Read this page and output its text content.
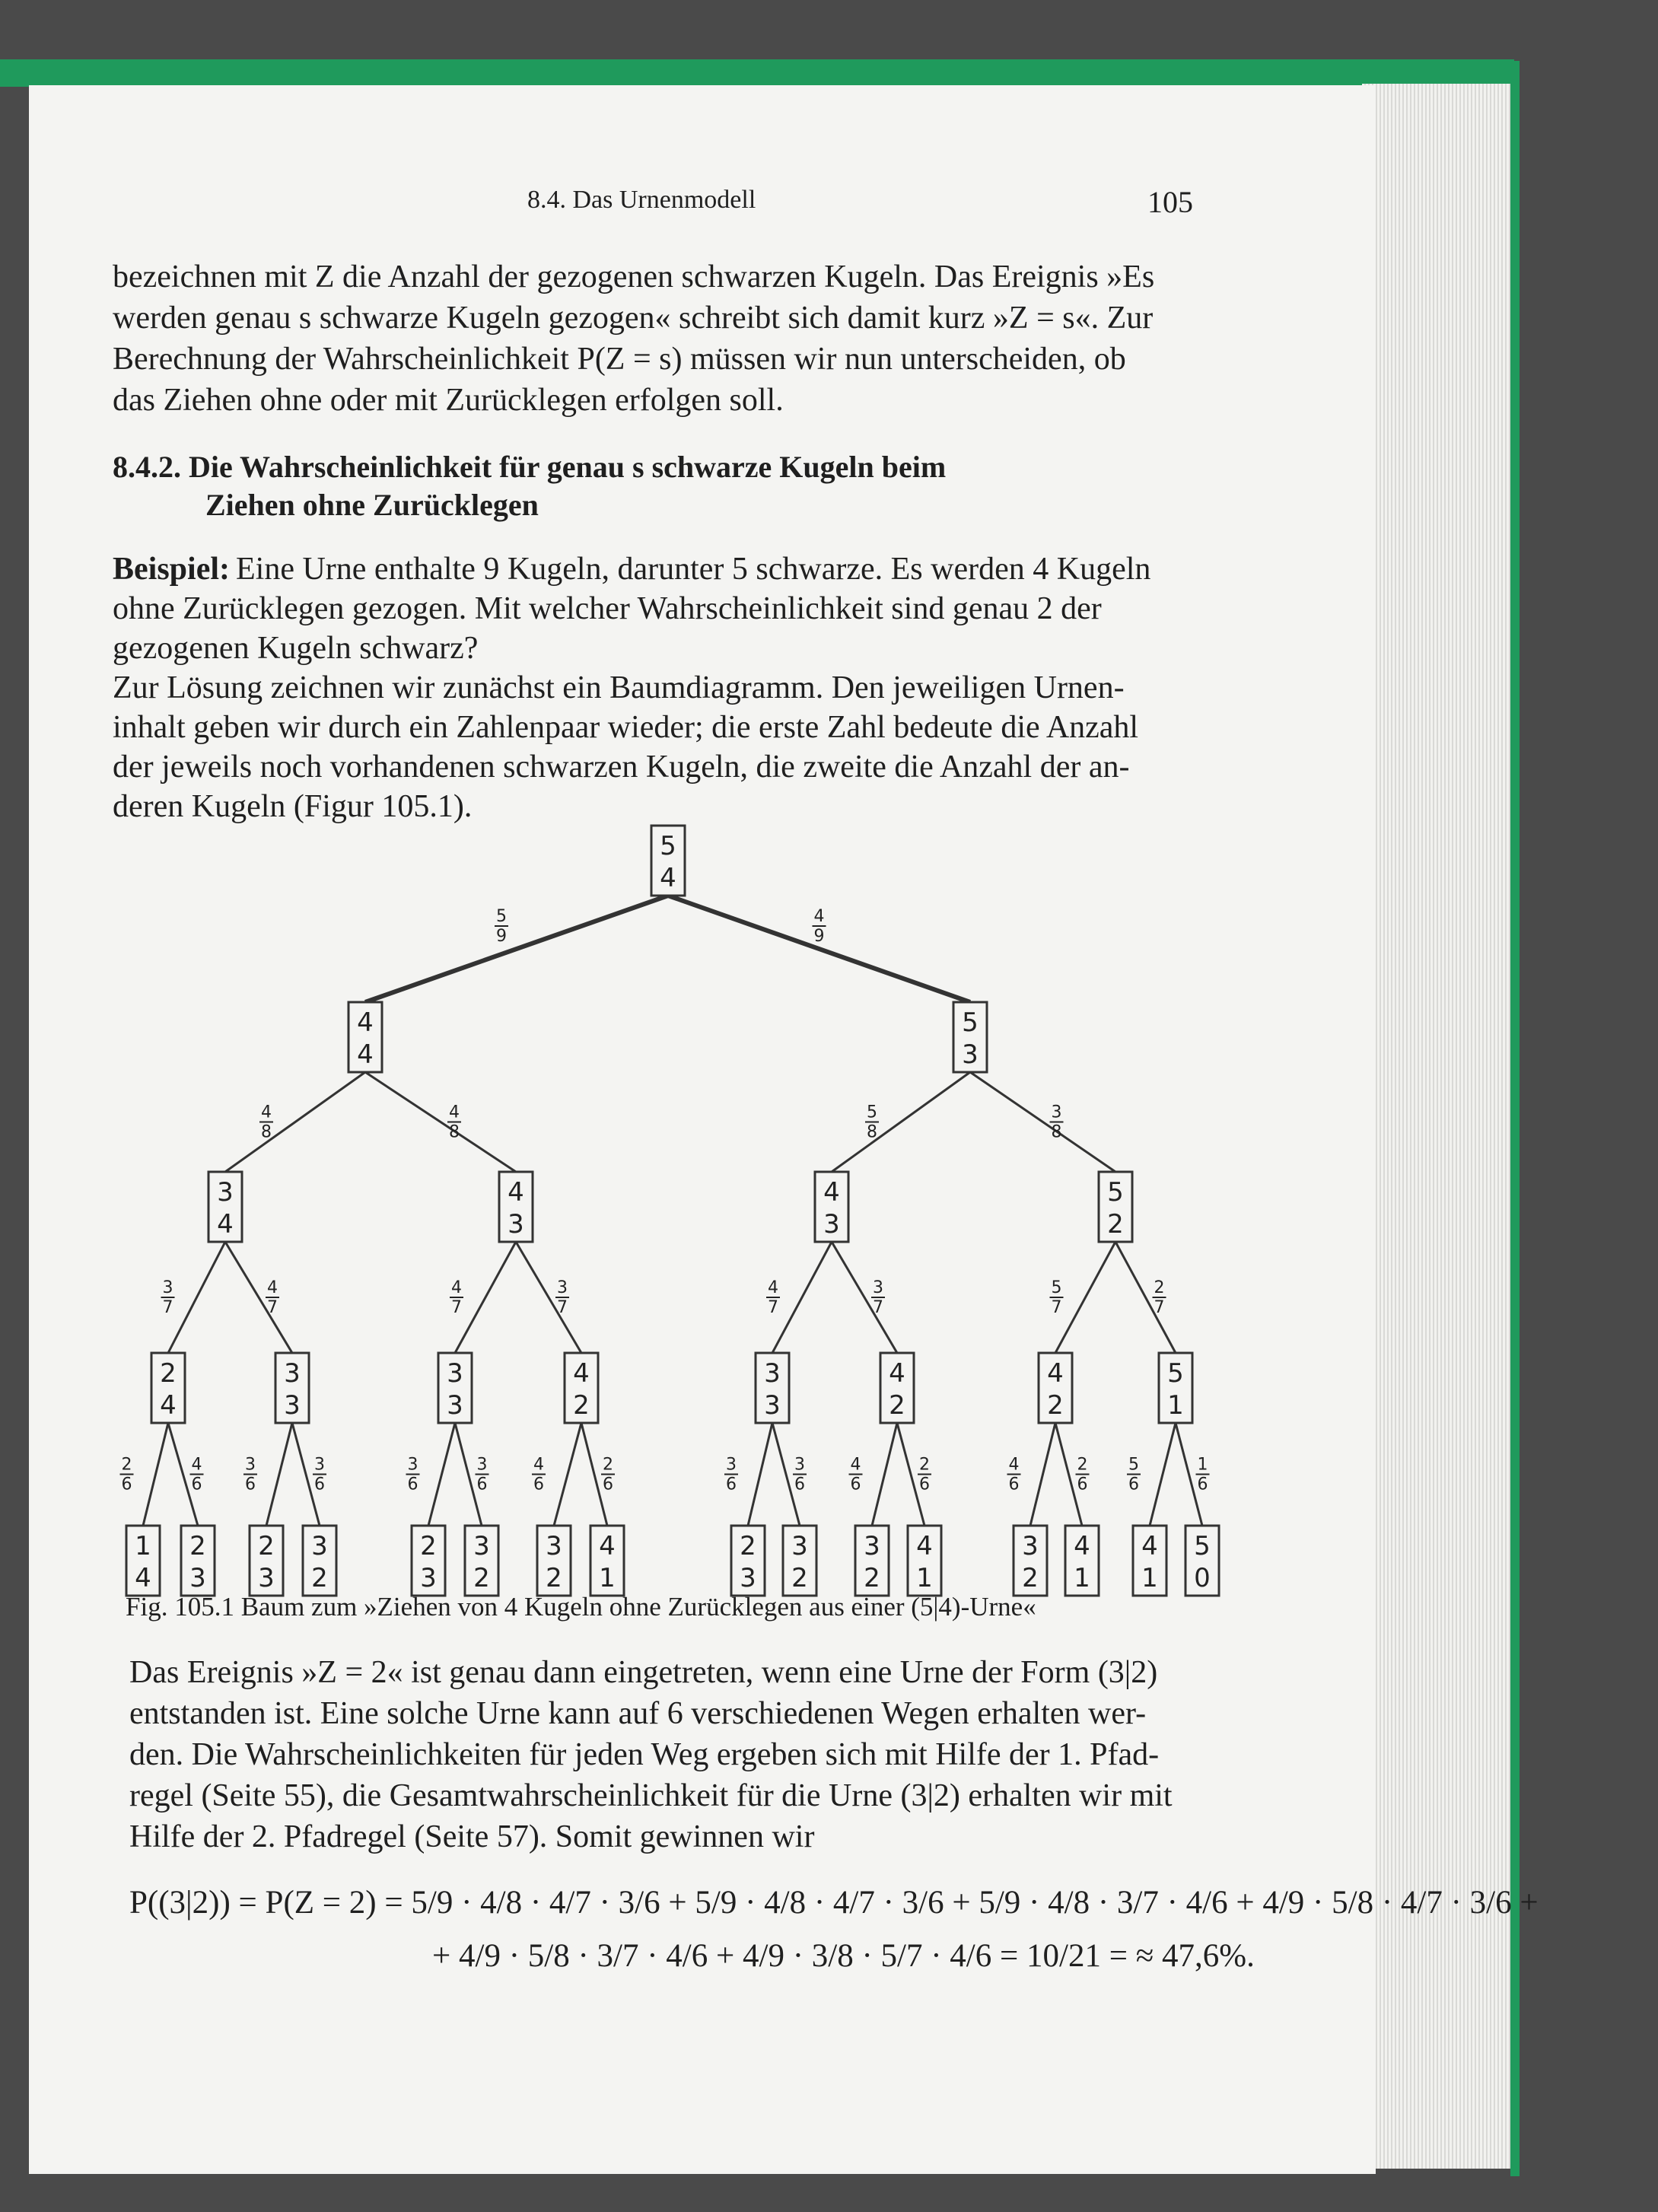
8.4. Das Urnenmodell	105
bezeichnen mit Z die Anzahl der gezogenen schwarzen Kugeln. Das Ereignis »Es
werden genau s schwarze Kugeln gezogen« schreibt sich damit kurz »Z = s«. Zur
Berechnung der Wahrscheinlichkeit P(Z = s) müssen wir nun unterscheiden, ob
das Ziehen ohne oder mit Zurücklegen erfolgen soll.
8.4.2. Die Wahrscheinlichkeit für genau s schwarze Kugeln beim
Ziehen ohne Zurücklegen
Beispiel: Eine Urne enthalte 9 Kugeln, darunter 5 schwarze. Es werden 4 Kugeln
ohne Zurücklegen gezogen. Mit welcher Wahrscheinlichkeit sind genau 2 der
gezogenen Kugeln schwarz?
Zur Lösung zeichnen wir zunächst ein Baumdiagramm. Den jeweiligen Urnen-
inhalt geben wir durch ein Zahlenpaar wieder; die erste Zahl bedeute die Anzahl
der jeweils noch vorhandenen schwarzen Kugeln, die zweite die Anzahl der an-
deren Kugeln (Figur 105.1).
5
9
4
9
4
8
4
8
5
8
3
8
3
7
4
7
4
7
3
7
4
7
3
7
5
7
2
7
2
6
4
6
3
6
3
6
3
6
3
6
4
6
2
6
3
6
3
6
4
6
2
6
4
6
2
6
5
6
1
6
5
4
4
4
5
3
3
4
4
3
4
3
5
2
2
4
3
3
3
3
4
2
3
3
4
2
4
2
5
1
1
4
2
3
2
3
3
2
2
3
3
2
3
2
4
1
2
3
3
2
3
2
4
1
3
2
4
1
4
1
5
0
Fig. 105.1 Baum zum »Ziehen von 4 Kugeln ohne Zurücklegen aus einer (5|4)-Urne«
Das Ereignis »Z = 2« ist genau dann eingetreten, wenn eine Urne der Form (3|2)
entstanden ist. Eine solche Urne kann auf 6 verschiedenen Wegen erhalten wer-
den. Die Wahrscheinlichkeiten für jeden Weg ergeben sich mit Hilfe der 1. Pfad-
regel (Seite 55), die Gesamtwahrscheinlichkeit für die Urne (3|2) erhalten wir mit
Hilfe der 2. Pfadregel (Seite 57). Somit gewinnen wir
P((3|2)) = P(Z = 2) = 5/9 · 4/8 · 4/7 · 3/6 + 5/9 · 4/8 · 4/7 · 3/6 + 5/9 · 4/8 · 3/7 · 4/6 + 4/9 · 5/8 · 4/7 · 3/6 +
+ 4/9 · 5/8 · 3/7 · 4/6 + 4/9 · 3/8 · 5/7 · 4/6 = 10/21 = ≈ 47,6%.
